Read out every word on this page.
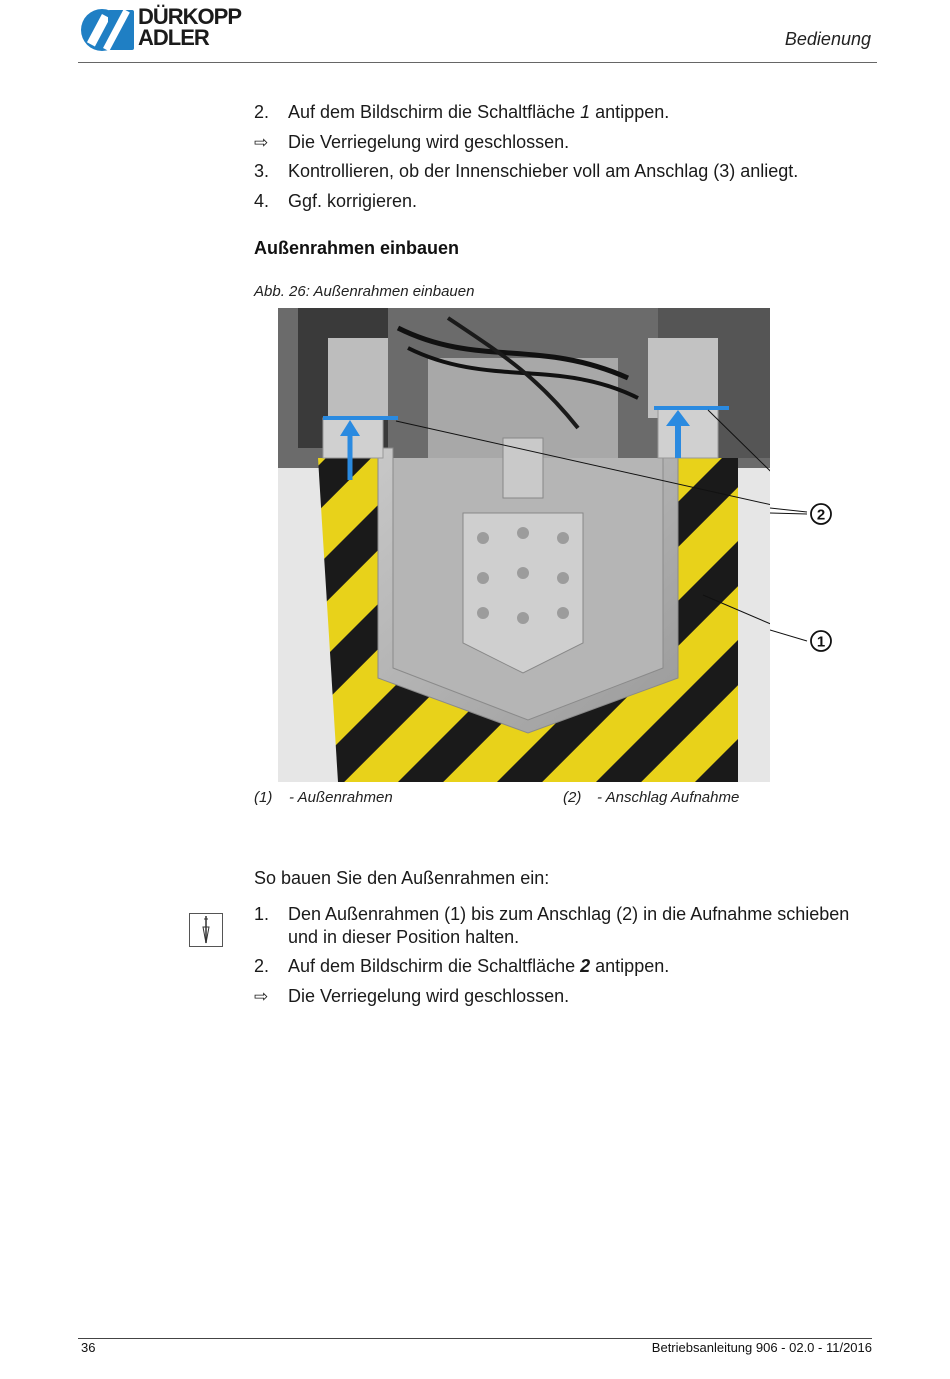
DÜRKOPP
ADLER	Bedienung
2.	Auf dem Bildschirm die Schaltfläche 1 antippen.
⇨	Die Verriegelung wird geschlossen.
3.	Kontrollieren, ob der Innenschieber voll am Anschlag (3) anliegt.
4.	Ggf. korrigieren.
Außenrahmen einbauen
Abb. 26: Außenrahmen einbauen
2
1
(1) - Außenrahmen	(2) - Anschlag Aufnahme
So bauen Sie den Außenrahmen ein:
1.	Den Außenrahmen (1) bis zum Anschlag (2) in die Aufnahme schieben
und in dieser Position halten.
2.	Auf dem Bildschirm die Schaltfläche 2 antippen.
⇨	Die Verriegelung wird geschlossen.
36	Betriebsanleitung 906 - 02.0 - 11/2016
